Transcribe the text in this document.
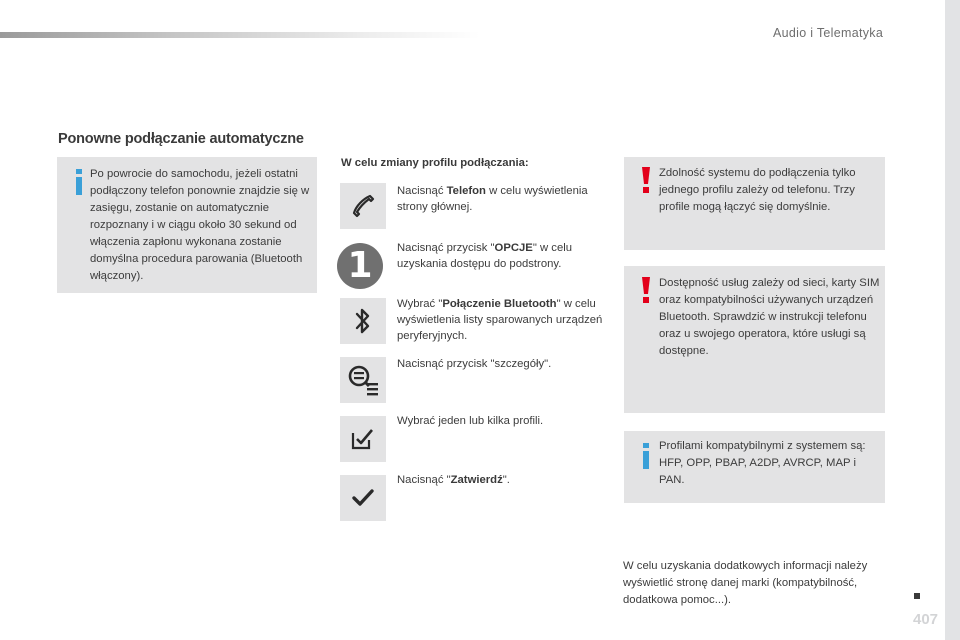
Audio i Telematyka
Ponowne podłączanie automatyczne
Po powrocie do samochodu, jeżeli ostatni podłączony telefon ponownie znajdzie się w zasięgu, zostanie on automatycznie rozpoznany i w ciągu około 30 sekund od włączenia zapłonu wykonana zostanie domyślna procedura parowania (Bluetooth włączony).
W celu zmiany profilu podłączania:
1
Nacisnąć Telefon w celu wyświetlenia strony głównej.
Nacisnąć przycisk "OPCJE" w celu uzyskania dostępu do podstrony.
Wybrać "Połączenie Bluetooth" w celu wyświetlenia listy sparowanych urządzeń peryferyjnych.
Nacisnąć przycisk "szczegóły".
Wybrać jeden lub kilka profili.
Nacisnąć "Zatwierdź".
Zdolność systemu do podłączenia tylko jednego profilu zależy od telefonu. Trzy profile mogą łączyć się domyślnie.
Dostępność usług zależy od sieci, karty SIM oraz kompatybilności używanych urządzeń Bluetooth. Sprawdzić w instrukcji telefonu oraz u swojego operatora, które usługi są dostępne.
Profilami kompatybilnymi z systemem są: HFP, OPP, PBAP, A2DP, AVRCP, MAP i PAN.
W celu uzyskania dodatkowych informacji należy wyświetlić stronę danej marki (kompatybilność, dodatkowa pomoc...).
407
